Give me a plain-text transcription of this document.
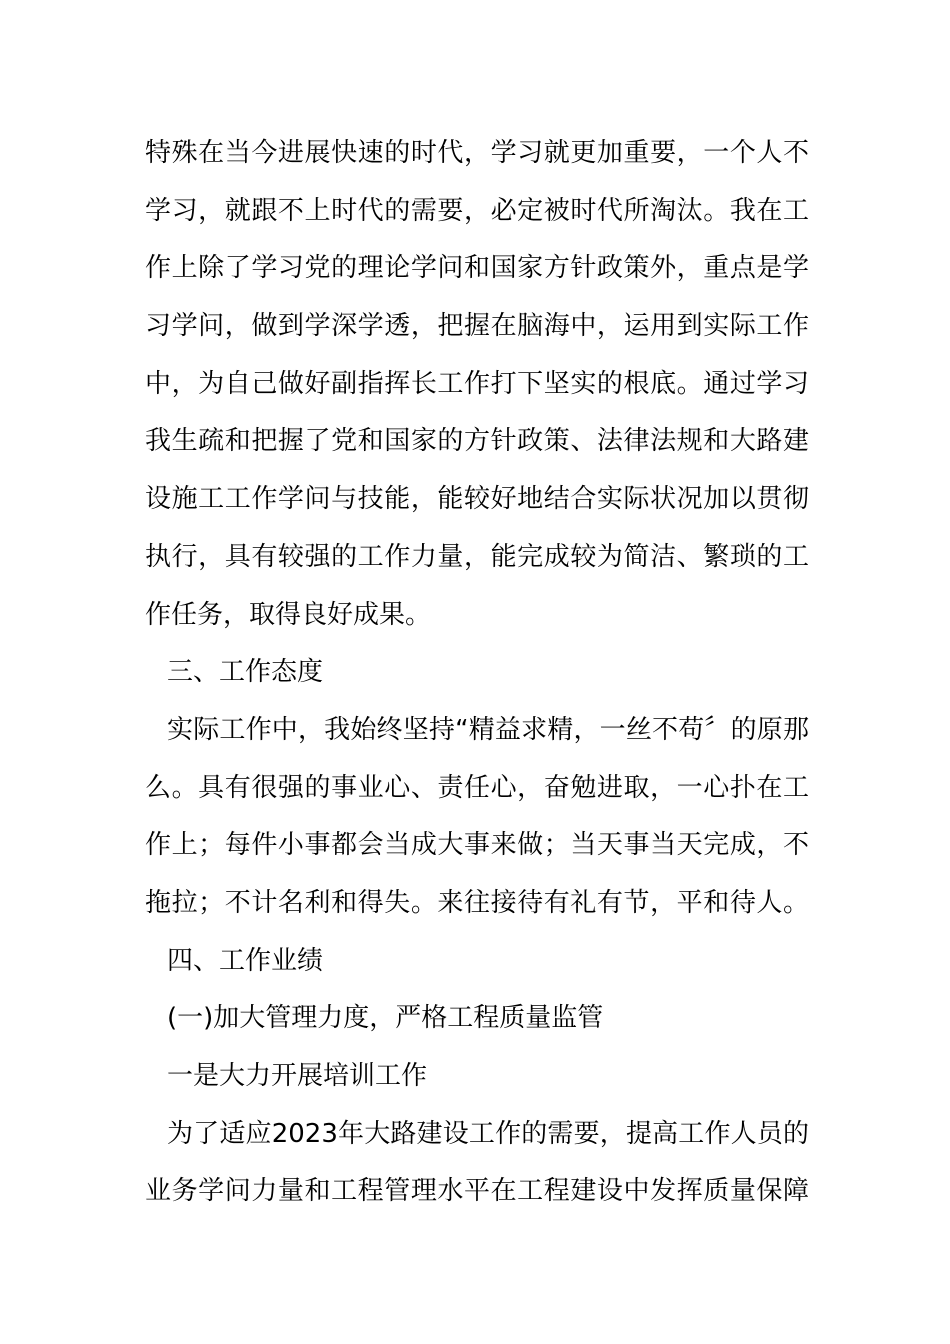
特殊在当今进展快速的时代，学习就更加重要，一个人不
学习，就跟不上时代的需要，必定被时代所淘汰。我在工
作上除了学习党的理论学问和国家方针政策外，重点是学
习学问，做到学深学透，把握在脑海中，运用到实际工作
中，为自己做好副指挥长工作打下坚实的根底。通过学习
我生疏和把握了党和国家的方针政策、法律法规和大路建
设施工工作学问与技能，能较好地结合实际状况加以贯彻
执行，具有较强的工作力量，能完成较为简洁、繁琐的工
作任务，取得良好成果。
三、工作态度
实际工作中，我始终坚持“精益求精，一丝不苟〞的原那
么。具有很强的事业心、责任心，奋勉进取，一心扑在工
作上；每件小事都会当成大事来做；当天事当天完成，不
拖拉；不计名利和得失。来往接待有礼有节，平和待人。
四、工作业绩
(一)加大管理力度，严格工程质量监管
一是大力开展培训工作
为了适应2023年大路建设工作的需要，提高工作人员的
业务学问力量和工程管理水平在工程建设中发挥质量保障
